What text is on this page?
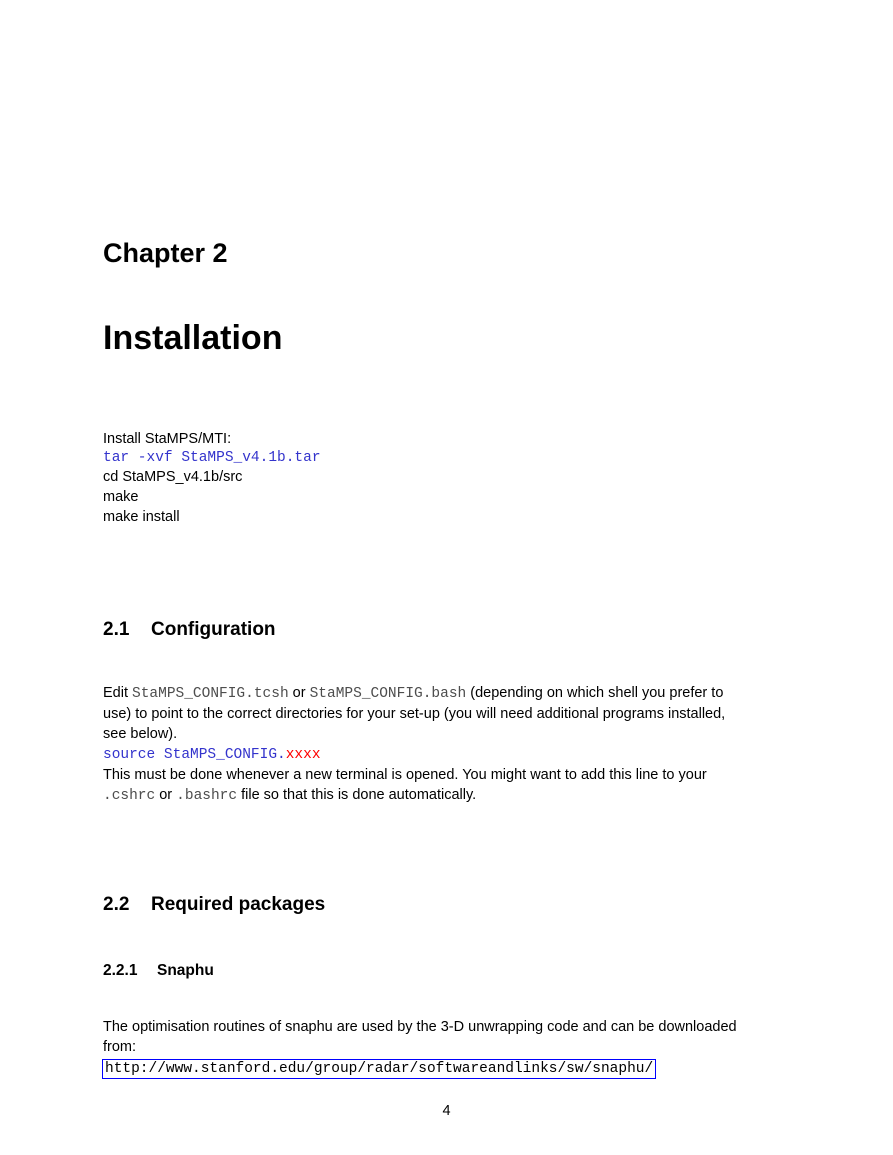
Chapter 2
Installation
Install StaMPS/MTI:
tar -xvf StaMPS_v4.1b.tar
cd StaMPS_v4.1b/src
make
make install
2.1 Configuration
Edit StaMPS_CONFIG.tcsh or StaMPS_CONFIG.bash (depending on which shell you prefer to
use) to point to the correct directories for your set-up (you will need additional programs installed,
see below).
source StaMPS_CONFIG.xxxx
This must be done whenever a new terminal is opened. You might want to add this line to your
.cshrc or .bashrc file so that this is done automatically.
2.2 Required packages
2.2.1 Snaphu
The optimisation routines of snaphu are used by the 3-D unwrapping code and can be downloaded
from:
http://www.stanford.edu/group/radar/softwareandlinks/sw/snaphu/
4
